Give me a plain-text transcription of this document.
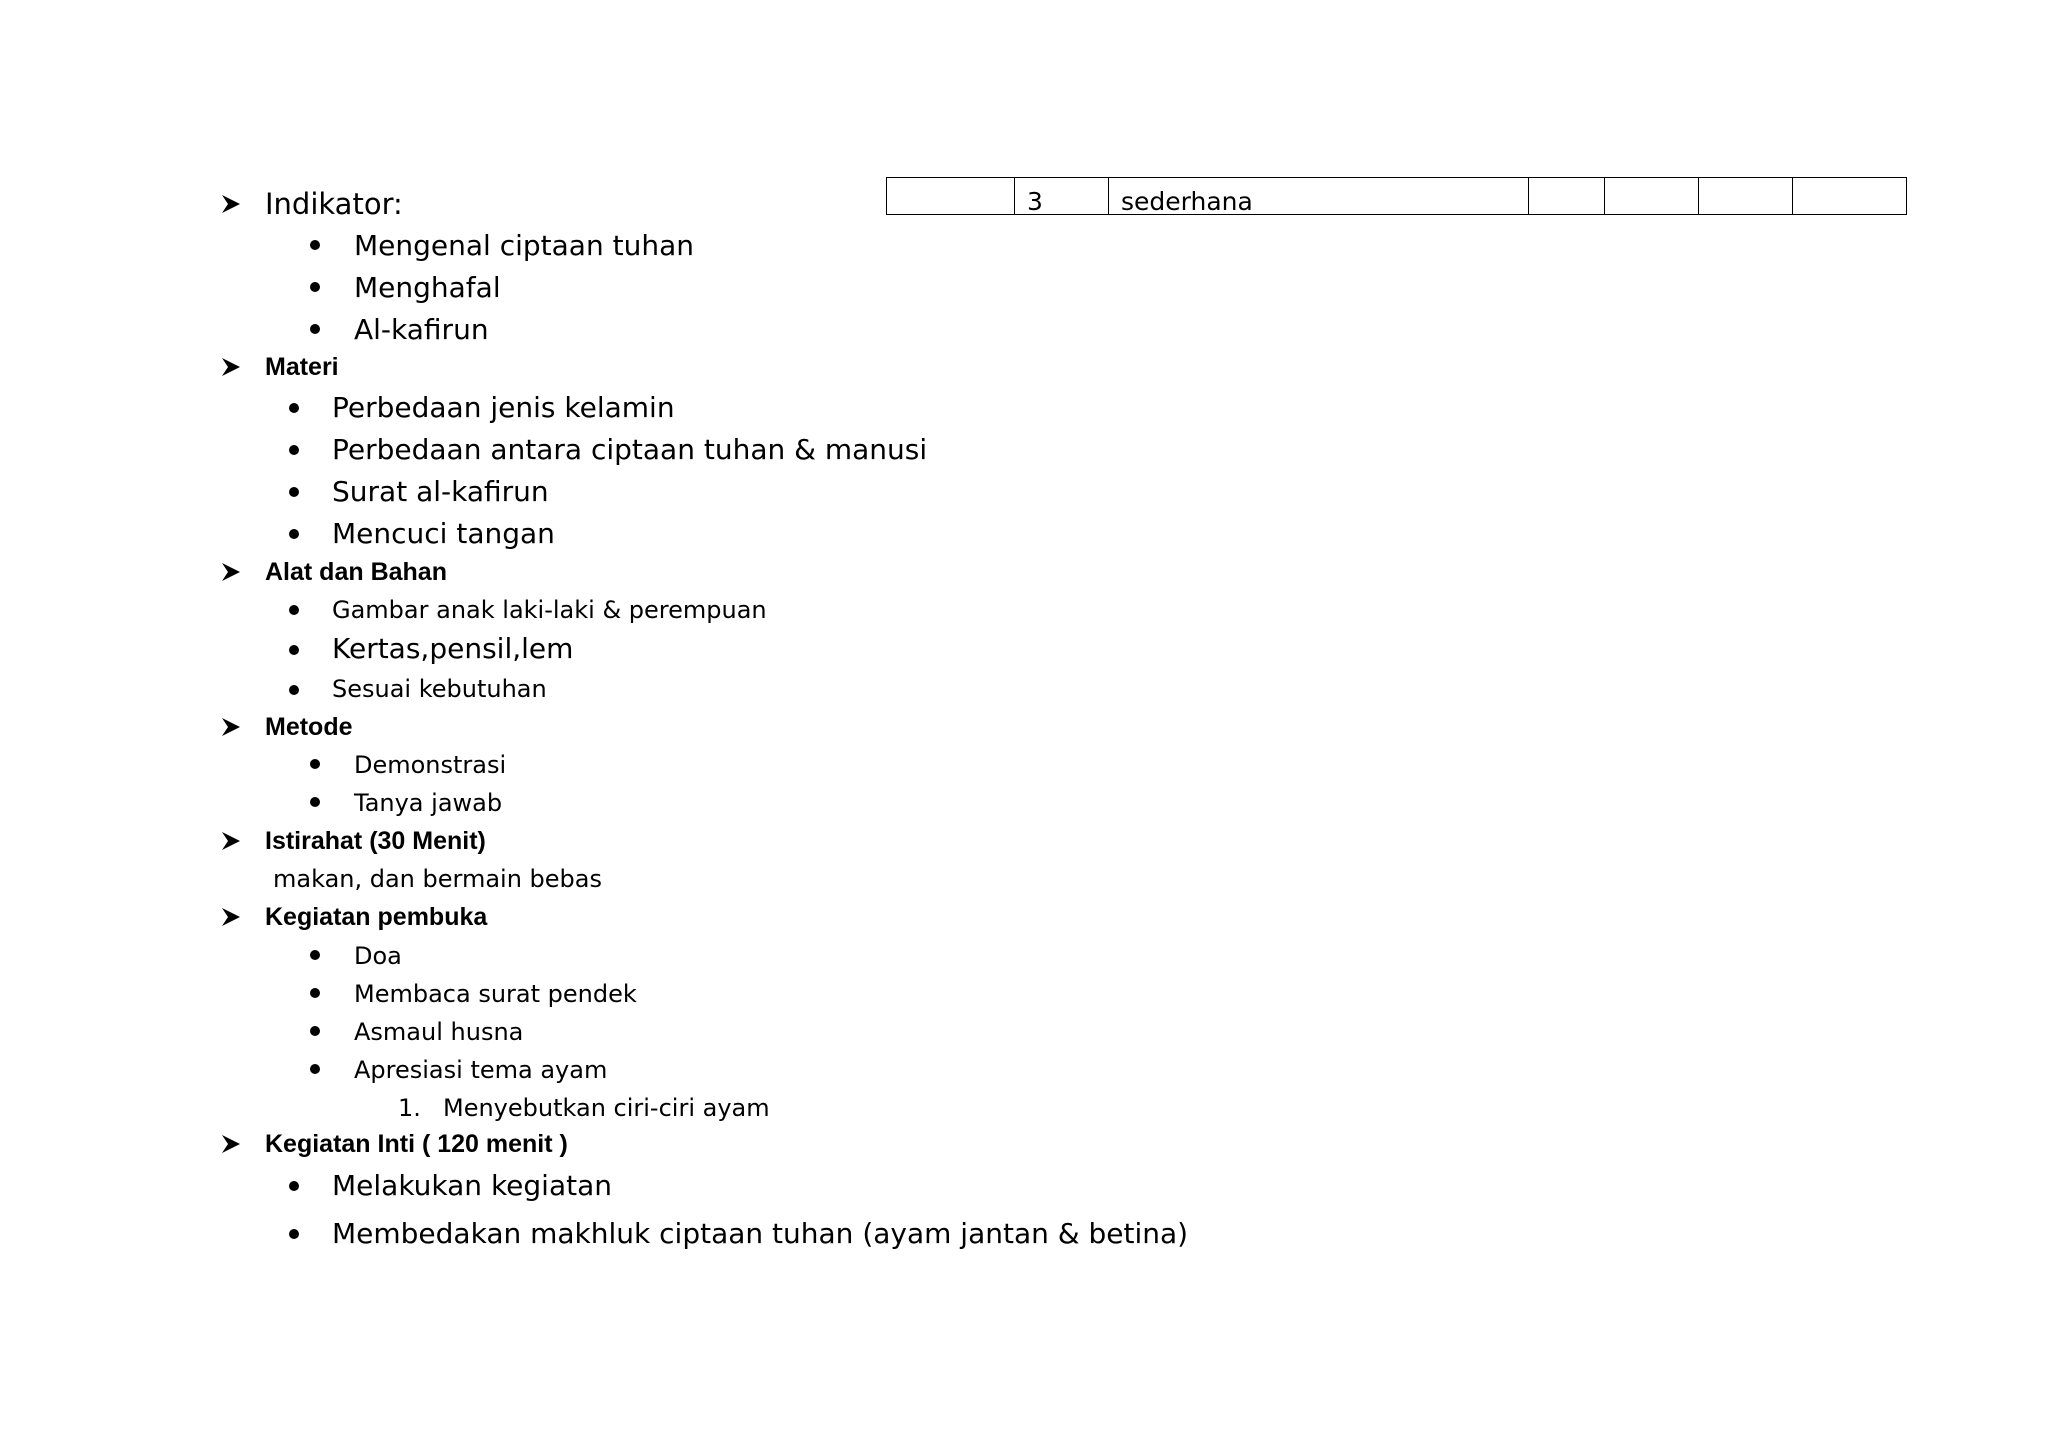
	3	sederhana				
Indikator:
Mengenal ciptaan tuhan
Menghafal
Al-kafirun
Materi
Perbedaan jenis kelamin
Perbedaan antara ciptaan tuhan & manusi
Surat al-kafirun
Mencuci tangan
Alat dan Bahan
Gambar anak laki-laki & perempuan
Kertas,pensil,lem
Sesuai kebutuhan
Metode
Demonstrasi
Tanya jawab
Istirahat (30 Menit)
makan, dan bermain bebas
Kegiatan pembuka
Doa
Membaca surat pendek
Asmaul husna
Apresiasi tema ayam
1. Menyebutkan ciri-ciri ayam
Kegiatan Inti ( 120 menit )
Melakukan kegiatan
Membedakan makhluk ciptaan tuhan (ayam jantan & betina)
